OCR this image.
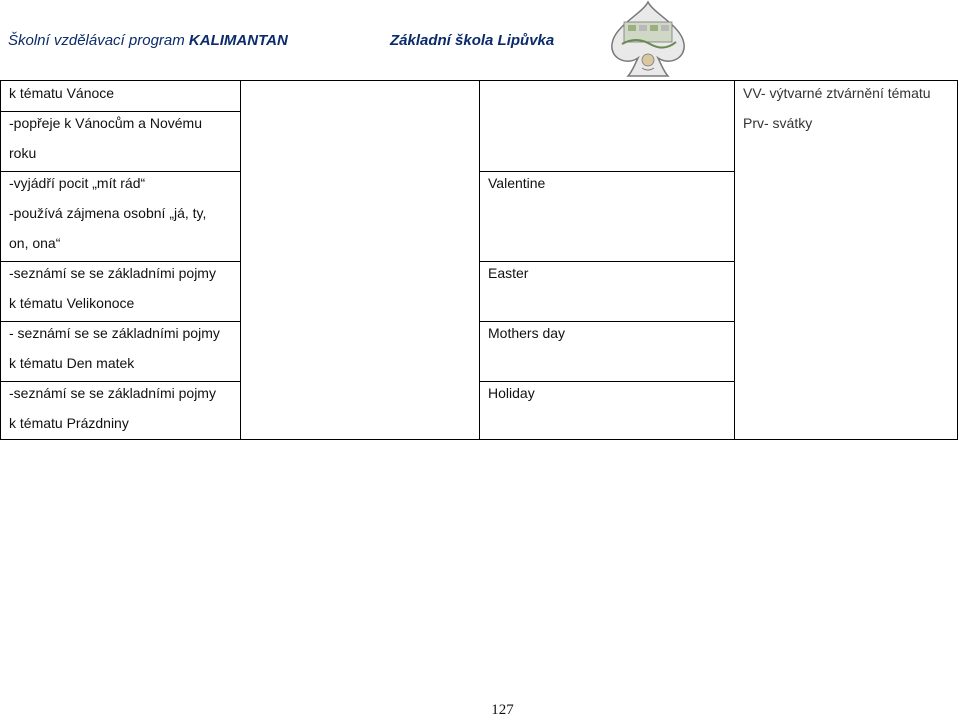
Školní vzdělávací program KALIMANTAN	Základní škola Lipůvka
k tématu Vánoce
-popřeje k Vánocům a Novému
roku
-vyjádří pocit „mít rád“
-používá zájmena osobní „já, ty,
on, ona“
-seznámí se se základními pojmy
k tématu Velikonoce
- seznámí se se základními pojmy
k tématu Den matek
-seznámí se se základními pojmy
k tématu Prázdniny
Valentine
Easter
Mothers day
Holiday
VV- výtvarné ztvárnění tématu
Prv- svátky
127
